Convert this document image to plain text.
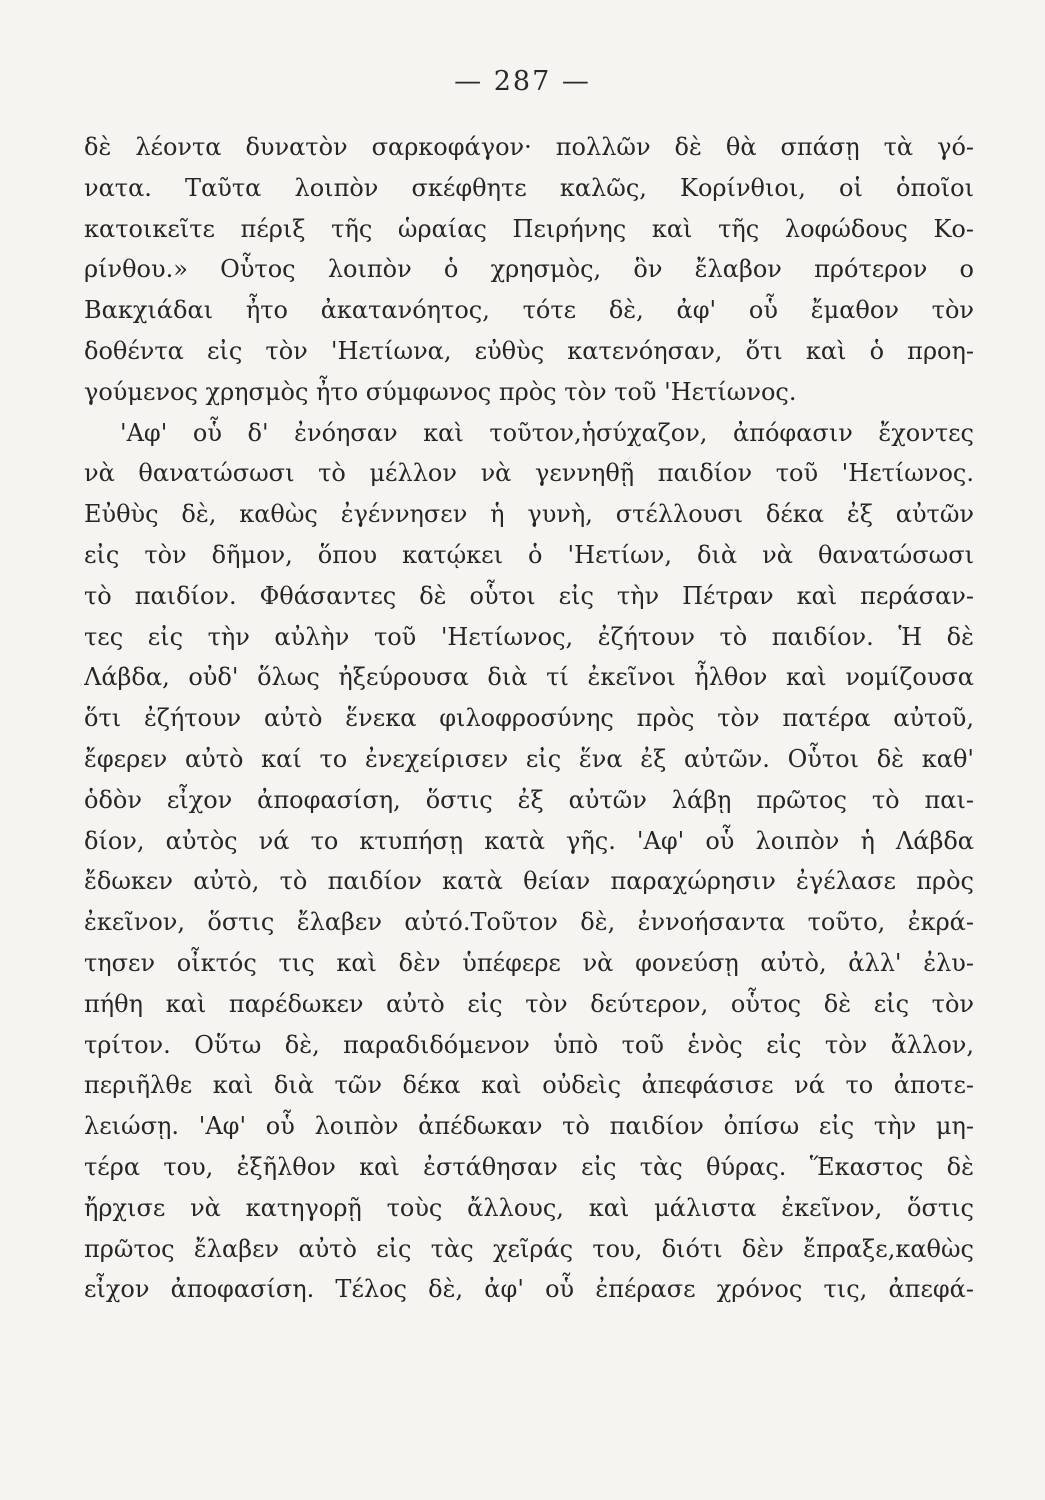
— 287 —
δὲ λέοντα δυνατὸν σαρκοφάγον· πολλῶν δὲ θὰ σπάσῃ τὰ γό-
νατα. Ταῦτα λοιπὸν σκέφθητε καλῶς, Κορίνθιοι, οἱ ὁποῖοι
κατοικεῖτε πέριξ τῆς ὡραίας Πειρήνης καὶ τῆς λοφώδους Κο-
ρίνθου.» Οὗτος λοιπὸν ὁ χρησμὸς, ὃν ἔλαβον πρότερον ο
Βακχιάδαι ἦτο ἀκατανόητος, τότε δὲ, ἀφ' οὗ ἔμαθον τὸν
δοθέντα εἰς τὸν 'Ηετίωνα, εὐθὺς κατενόησαν, ὅτι καὶ ὁ προη-
γούμενος χρησμὸς ἦτο σύμφωνος πρὸς τὸν τοῦ 'Ηετίωνος.
'Αφ' οὗ δ' ἐνόησαν καὶ τοῦτον,ἡσύχαζον, ἀπόφασιν ἔχοντες
νὰ θανατώσωσι τὸ μέλλον νὰ γεννηθῇ παιδίον τοῦ 'Ηετίωνος.
Εὐθὺς δὲ, καθὼς ἐγέννησεν ἡ γυνὴ, στέλλουσι δέκα ἐξ αὐτῶν
εἰς τὸν δῆμον, ὅπου κατῴκει ὁ 'Ηετίων, διὰ νὰ θανατώσωσι
τὸ παιδίον. Φθάσαντες δὲ οὗτοι εἰς τὴν Πέτραν καὶ περάσαν-
τες εἰς τὴν αὐλὴν τοῦ 'Ηετίωνος, ἐζήτουν τὸ παιδίον. Ἡ δὲ
Λάβδα, οὐδ' ὅλως ἠξεύρουσα διὰ τί ἐκεῖνοι ἦλθον καὶ νομίζουσα
ὅτι ἐζήτουν αὐτὸ ἕνεκα φιλοφροσύνης πρὸς τὸν πατέρα αὐτοῦ,
ἔφερεν αὐτὸ καί το ἐνεχείρισεν εἰς ἕνα ἐξ αὐτῶν. Οὗτοι δὲ καθ'
ὁδὸν εἶχον ἀποφασίση, ὅστις ἐξ αὐτῶν λάβῃ πρῶτος τὸ παι-
δίον, αὐτὸς νά το κτυπήσῃ κατὰ γῆς. 'Αφ' οὗ λοιπὸν ἡ Λάβδα
ἔδωκεν αὐτὸ, τὸ παιδίον κατὰ θείαν παραχώρησιν ἐγέλασε πρὸς
ἐκεῖνον, ὅστις ἔλαβεν αὐτό.Τοῦτον δὲ, ἐννοήσαντα τοῦτο, ἐκρά-
τησεν οἶκτός τις καὶ δὲν ὑπέφερε νὰ φονεύσῃ αὐτὸ, ἀλλ' ἐλυ-
πήθη καὶ παρέδωκεν αὐτὸ εἰς τὸν δεύτερον, οὗτος δὲ εἰς τὸν
τρίτον. Οὕτω δὲ, παραδιδόμενον ὑπὸ τοῦ ἑνὸς εἰς τὸν ἄλλον,
περιῆλθε καὶ διὰ τῶν δέκα καὶ οὐδεὶς ἀπεφάσισε νά το ἀποτε-
λειώσῃ. 'Αφ' οὗ λοιπὸν ἀπέδωκαν τὸ παιδίον ὀπίσω εἰς τὴν μη-
τέρα του, ἐξῆλθον καὶ ἐστάθησαν εἰς τὰς θύρας. Ἕκαστος δὲ
ἤρχισε νὰ κατηγορῇ τοὺς ἄλλους, καὶ μάλιστα ἐκεῖνον, ὅστις
πρῶτος ἔλαβεν αὐτὸ εἰς τὰς χεῖράς του, διότι δὲν ἔπραξε,καθὼς
εἶχον ἀποφασίση. Τέλος δὲ, ἀφ' οὗ ἐπέρασε χρόνος τις, ἀπεφά-
